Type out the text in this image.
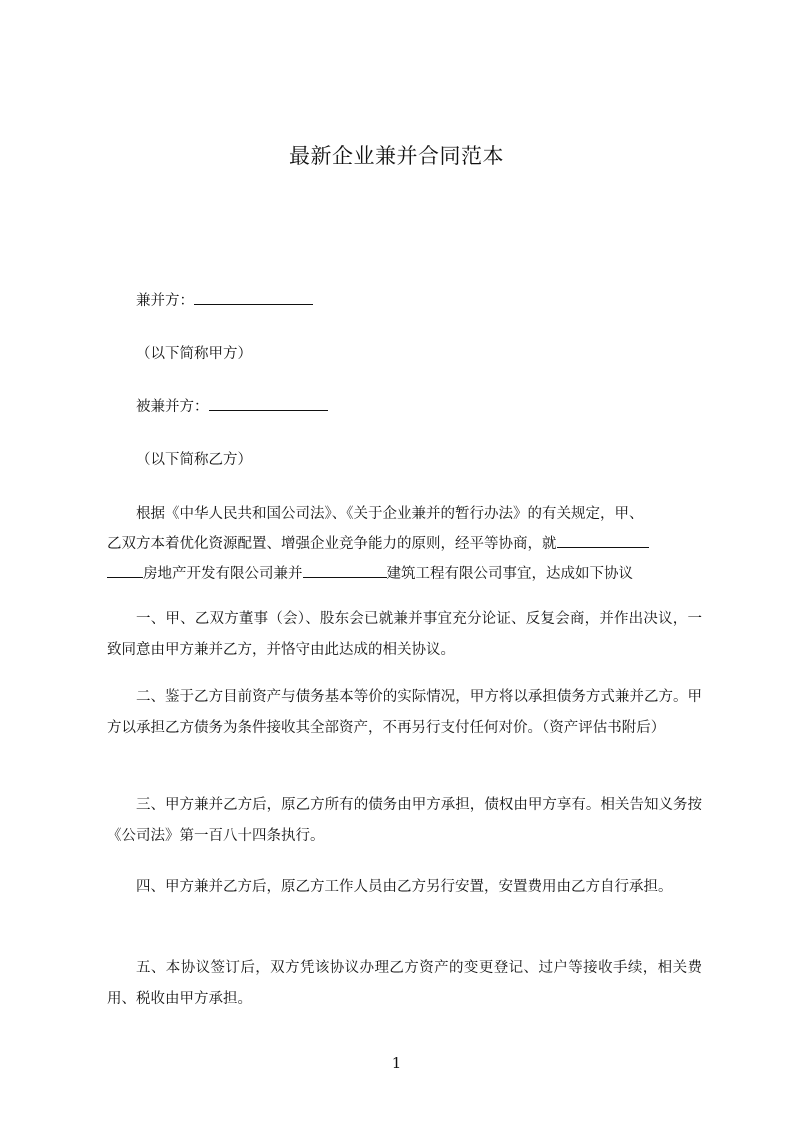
最新企业兼并合同范本
兼并方：
（以下简称甲方）
被兼并方：
（以下简称乙方）
根据《中华人民共和国公司法》、《关于企业兼并的暂行办法》的有关规定，甲、
乙双方本着优化资源配置、增强企业竞争能力的原则，经平等协商，就
房地产开发有限公司兼并	建筑工程有限公司事宜，达成如下协议
一、甲、乙双方董事（会）、股东会已就兼并事宜充分论证、反复会商，并作出决议，一致同意由甲方兼并乙方，并恪守由此达成的相关协议。
二、鉴于乙方目前资产与债务基本等价的实际情况，甲方将以承担债务方式兼并乙方。甲方以承担乙方债务为条件接收其全部资产，不再另行支付任何对价。（资产评估书附后）
三、甲方兼并乙方后，原乙方所有的债务由甲方承担，债权由甲方享有。相关告知义务按《公司法》第一百八十四条执行。
四、甲方兼并乙方后，原乙方工作人员由乙方另行安置，安置费用由乙方自行承担。
五、本协议签订后，双方凭该协议办理乙方资产的变更登记、过户等接收手续，相关费用、税收由甲方承担。
1
